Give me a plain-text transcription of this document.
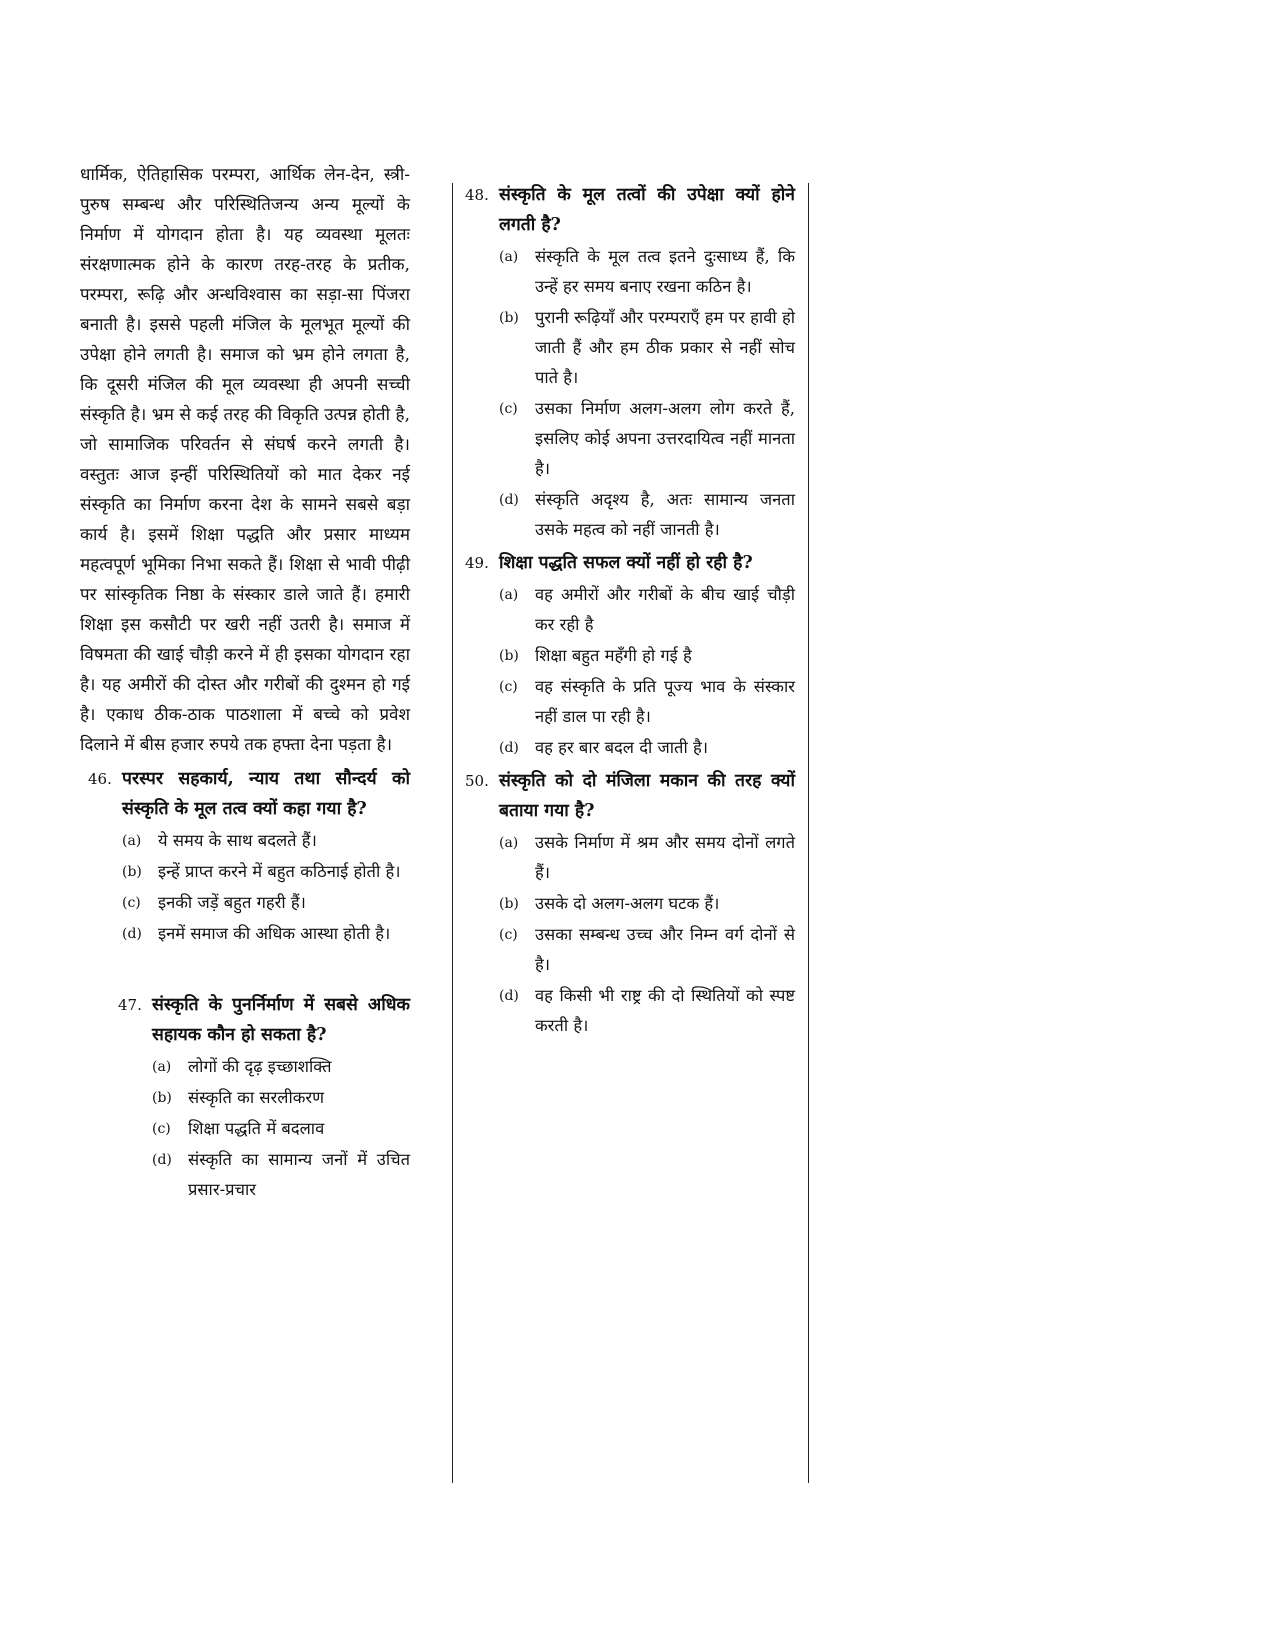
धार्मिक, ऐतिहासिक परम्परा, आर्थिक लेन-देन, स्त्री-पुरुष सम्बन्ध और परिस्थितिजन्य अन्य मूल्यों के निर्माण में योगदान होता है। यह व्यवस्था मूलतः संरक्षणात्मक होने के कारण तरह-तरह के प्रतीक, परम्परा, रूढ़ि और अन्धविश्वास का सड़ा-सा पिंजरा बनाती है। इससे पहली मंजिल के मूलभूत मूल्यों की उपेक्षा होने लगती है। समाज को भ्रम होने लगता है, कि दूसरी मंजिल की मूल व्यवस्था ही अपनी सच्ची संस्कृति है। भ्रम से कई तरह की विकृति उत्पन्न होती है, जो सामाजिक परिवर्तन से संघर्ष करने लगती है। वस्तुतः आज इन्हीं परिस्थितियों को मात देकर नई संस्कृति का निर्माण करना देश के सामने सबसे बड़ा कार्य है। इसमें शिक्षा पद्धति और प्रसार माध्यम महत्वपूर्ण भूमिका निभा सकते हैं। शिक्षा से भावी पीढ़ी पर सांस्कृतिक निष्ठा के संस्कार डाले जाते हैं। हमारी शिक्षा इस कसौटी पर खरी नहीं उतरी है। समाज में विषमता की खाई चौड़ी करने में ही इसका योगदान रहा है। यह अमीरों की दोस्त और गरीबों की दुश्मन हो गई है। एकाध ठीक-ठाक पाठशाला में बच्चे को प्रवेश दिलाने में बीस हजार रुपये तक हफ्ता देना पड़ता है।

46. परस्पर सहकार्य, न्याय तथा सौन्दर्य को संस्कृति के मूल तत्व क्यों कहा गया है?
(a)	ये समय के साथ बदलते हैं।
(b) इन्हें प्राप्त करने में बहुत कठिनाई होती है।
(c)	इनकी जड़ें बहुत गहरी हैं।
(d) इनमें समाज की अधिक आस्था होती है।
47. संस्कृति के पुनर्निर्माण में सबसे अधिक सहायक कौन हो सकता है?
(a)	लोगों की दृढ़ इच्छाशक्ति
(b) संस्कृति का सरलीकरण
(c)	शिक्षा पद्धति में बदलाव
(d) संस्कृति का सामान्य जनों में उचित प्रसार-प्रचार
48. संस्कृति के मूल तत्वों की उपेक्षा क्यों होने लगती है?
(a)	संस्कृति के मूल तत्व इतने दुःसाध्य हैं, कि उन्हें हर समय बनाए रखना कठिन है।
(b) पुरानी रूढ़ियाँ और परम्पराएँ हम पर हावी हो जाती हैं और हम ठीक प्रकार से नहीं सोच पाते है।
(c)	उसका निर्माण अलग-अलग लोग करते हैं, इसलिए कोई अपना उत्तरदायित्व नहीं मानता है।
(d) संस्कृति अदृश्य है, अतः सामान्य जनता उसके महत्व को नहीं जानती है।
49. शिक्षा पद्धति सफल क्यों नहीं हो रही है?
(a)	वह अमीरों और गरीबों के बीच खाई चौड़ी कर रही है
(b) शिक्षा बहुत महँगी हो गई है
(c)	वह संस्कृति के प्रति पूज्य भाव के संस्कार नहीं डाल पा रही है।
(d) वह हर बार बदल दी जाती है।
50. संस्कृति को दो मंजिला मकान की तरह क्यों बताया गया है?
(a)	उसके निर्माण में श्रम और समय दोनों लगते हैं।
(b) उसके दो अलग-अलग घटक हैं।
(c)	उसका सम्बन्ध उच्च और निम्न वर्ग दोनों से है।
(d) वह किसी भी राष्ट्र की दो स्थितियों को स्पष्ट करती है।
